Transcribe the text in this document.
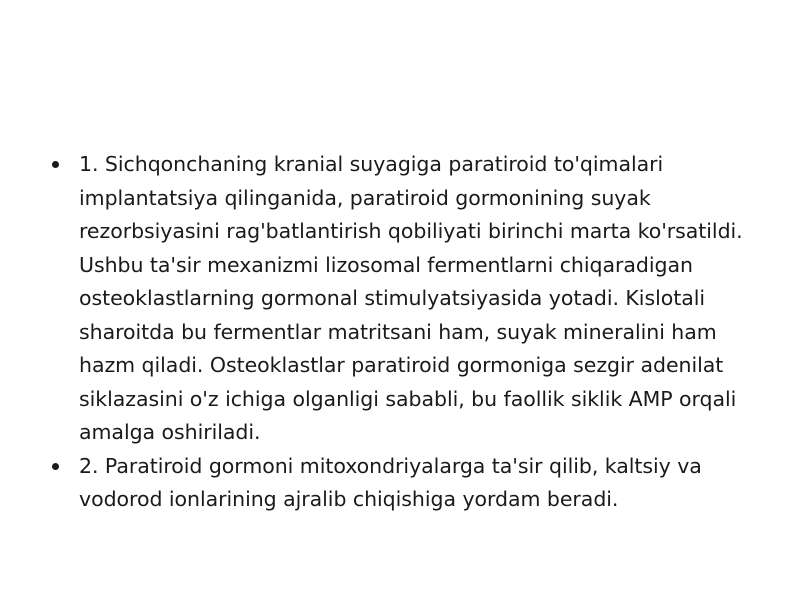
1. Sichqonchaning kranial suyagiga paratiroid to'qimalari implantatsiya qilinganida, paratiroid gormonining suyak rezorbsiyasini rag'batlantirish qobiliyati birinchi marta ko'rsatildi. Ushbu ta'sir mexanizmi lizosomal fermentlarni chiqaradigan osteoklastlarning gormonal stimulyatsiyasida yotadi. Kislotali sharoitda bu fermentlar matritsani ham, suyak mineralini ham hazm qiladi. Osteoklastlar paratiroid gormoniga sezgir adenilat siklazasini o'z ichiga olganligi sababli, bu faollik siklik AMP orqali amalga oshiriladi.
2. Paratiroid gormoni mitoxondriyalarga ta'sir qilib, kaltsiy va vodorod ionlarining ajralib chiqishiga yordam beradi.
